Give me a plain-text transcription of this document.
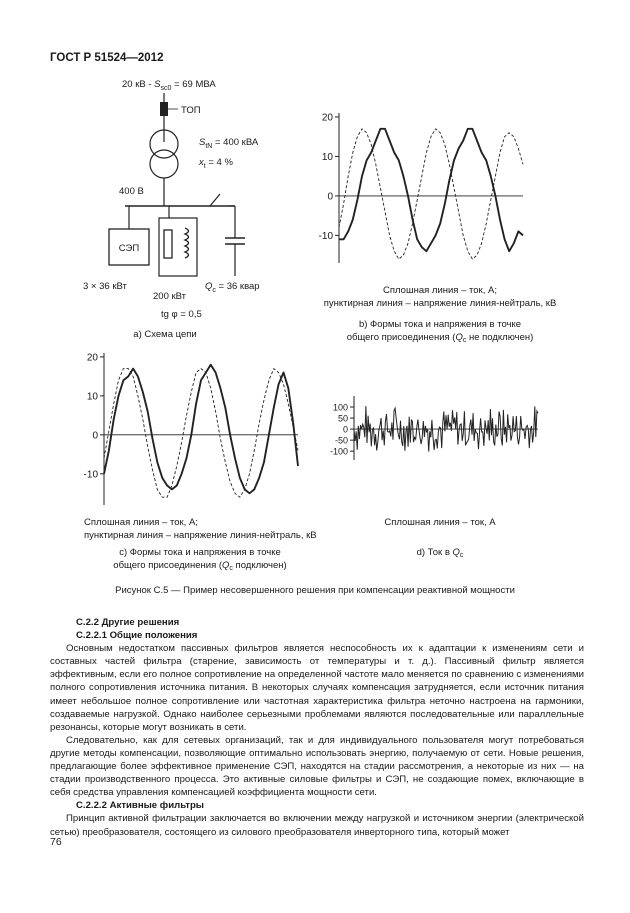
ГОСТ Р 51524—2012
20 кВ - $S_{sc0} = 69$ МВА
ТОП
$S_{tN} = 400$ кВА
$x_t = 4$ %
400 В
СЭП
3 × 36 кВт
200 кВт
tg φ = 0,5
$Q_c = 36$ квар
а) Схема цепи
20
10
0
-10
Сплошная линия – ток, А;
пунктирная линия – напряжение линия-нейтраль, кВ
b) Формы тока и напряжения в точке
общего присоединения ($Q_c$ не подключен)
20
10
0
-10
Сплошная линия – ток, А;
пунктирная линия – напряжение линия-нейтраль, кВ
с) Формы тока и напряжения в точке
общего присоединения ($Q_c$ подключен)
100
50
0
-50
-100
Сплошная линия – ток, А
d) Ток в $Q_c$
Рисунок С.5 — Пример несовершенного решения при компенсации реактивной мощности

С.2.2 Другие решения

С.2.2.1 Общие положения

Основным недостатком пассивных фильтров является неспособность их к адаптации к изменениям сети и составных частей фильтра (старение, зависимость от температуры и т. д.). Пассивный фильтр является эффективным, если его полное сопротивление на определенной частоте мало меняется по сравнению с изменениями полного сопротивления источника питания. В некоторых случаях компенсация затрудняется, если источник питания имеет небольшое полное сопротивление или частотная характеристика фильтра неточно настроена на гармоники, создаваемые нагрузкой. Однако наиболее серьезными проблемами являются последовательные или параллельные резонансы, которые могут возникать в сети.

Следовательно, как для сетевых организаций, так и для индивидуального пользователя могут потребоваться другие методы компенсации, позволяющие оптимально использовать энергию, получаемую от сети. Новые решения, предлагающие более эффективное применение СЭП, находятся на стадии рассмотрения, а некоторые из них — на стадии производственного процесса. Это активные силовые фильтры и СЭП, не создающие помех, включающие в себя средства управления компенсацией коэффициента мощности сети.

С.2.2.2 Активные фильтры

Принцип активной фильтрации заключается во включении между нагрузкой и источником энергии (электрической сетью) преобразователя, состоящего из силового преобразователя инверторного типа, который может

76
